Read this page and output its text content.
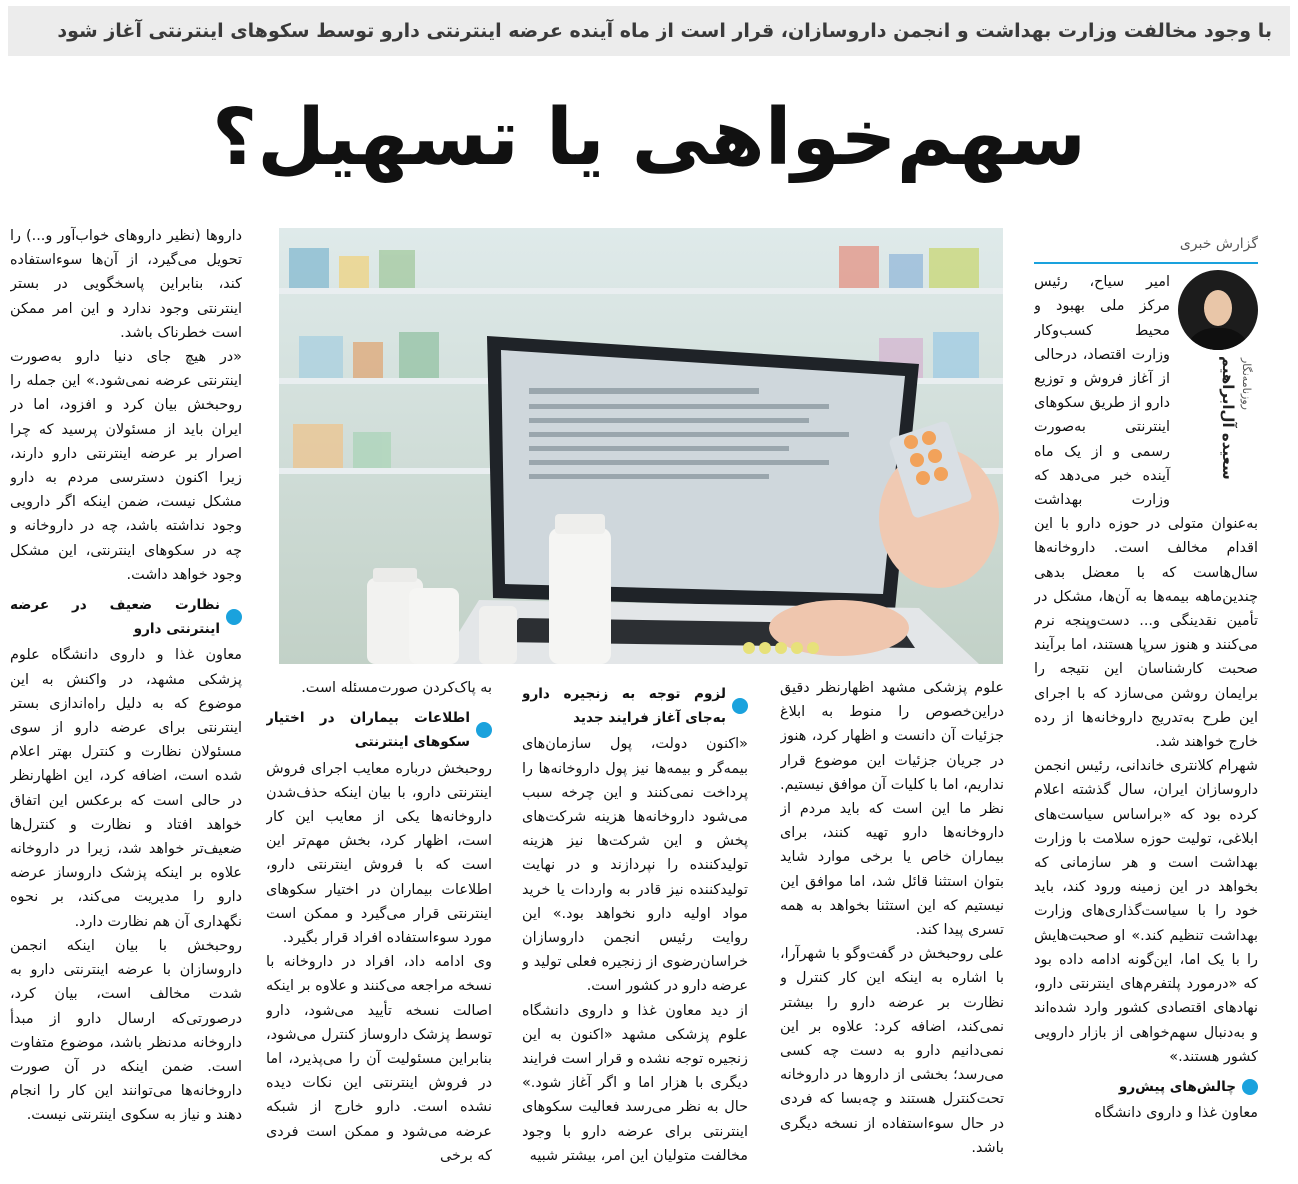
با وجود مخالفت وزارت بهداشت و انجمن داروسازان، قرار است از ماه آینده عرضه اینترنتی دارو توسط سکوهای اینترنتی آغاز شود
سهم‌خواهی یا تسهیل؟
گزارش خبری
سعیده آل‌ابراهیم روزنامه‌نگار

امیر سیاح، رئیس مرکز ملی بهبود و محیط کسب‌وکار وزارت اقتصاد، درحالی از آغاز فروش و توزیع دارو از طریق سکوهای اینترنتی به‌صورت رسمی و از یک ماه آینده خبر می‌دهد که وزارت بهداشت به‌عنوان متولی در حوزه دارو با این اقدام مخالف است. داروخانه‌ها سال‌هاست که با معضل بدهی چندین‌ماهه بیمه‌ها به آن‌ها، مشکل در تأمین نقدینگی و... دست‌وپنجه نرم می‌کنند و هنوز سرپا هستند، اما برآیند صحبت کارشناسان این نتیجه را برایمان روشن می‌سازد که با اجرای این طرح به‌تدریج داروخانه‌ها از رده خارج خواهند شد.

شهرام کلانتری خاندانی، رئیس انجمن داروسازان ایران، سال گذشته اعلام کرده بود که «براساس سیاست‌های ابلاغی، تولیت حوزه سلامت با وزارت بهداشت است و هر سازمانی که بخواهد در این زمینه ورود کند، باید خود را با سیاست‌گذاری‌های وزارت بهداشت تنظیم کند.» او صحبت‌هایش را با یک اما، این‌گونه ادامه داده بود که «درمورد پلتفرم‌های اینترنتی دارو، نهادهای اقتصادی کشور وارد شده‌اند و به‌دنبال سهم‌خواهی از بازار دارویی کشور هستند.»

چالش‌های پیش‌رو

معاون غذا و داروی دانشگاه

علوم پزشکی مشهد اظهارنظر دقیق دراین‌خصوص را منوط به ابلاغ جزئیات آن دانست و اظهار کرد، هنوز در جریان جزئیات این موضوع قرار نداریم، اما با کلیات آن موافق نیستیم. نظر ما این است که باید مردم از داروخانه‌ها دارو تهیه کنند، برای بیماران خاص یا برخی موارد شاید بتوان استثنا قائل شد، اما موافق این نیستیم که این استثنا بخواهد به همه تسری پیدا کند.

علی روحبخش در گفت‌وگو با شهرآرا، با اشاره به اینکه این کار کنترل و نظارت بر عرضه دارو را بیشتر نمی‌کند، اضافه کرد: علاوه بر این نمی‌دانیم دارو به دست چه کسی می‌رسد؛ بخشی از داروها در داروخانه تحت‌کنترل هستند و چه‌بسا که فردی در حال سوءاستفاده از نسخه دیگری باشد.

لزوم توجه به زنجیره دارو به‌جای آغاز فرایند جدید

«اکنون دولت، پول سازمان‌های بیمه‌گر و بیمه‌ها نیز پول داروخانه‌ها را پرداخت نمی‌کنند و این چرخه سبب می‌شود داروخانه‌ها هزینه شرکت‌های پخش و این شرکت‌ها نیز هزینه تولیدکننده را نپردازند و در نهایت تولیدکننده نیز قادر به واردات یا خرید مواد اولیه دارو نخواهد بود.» این روایت رئیس انجمن داروسازان خراسان‌رضوی از زنجیره فعلی تولید و عرضه دارو در کشور است.

از دید معاون غذا و داروی دانشگاه علوم پزشکی مشهد «اکنون به این زنجیره توجه نشده و قرار است فرایند دیگری با هزار اما و اگر آغاز شود.» حال به نظر می‌رسد فعالیت سکوهای اینترنتی برای عرضه دارو با وجود مخالفت متولیان این امر، بیشتر شبیه

به پاک‌کردن صورت‌مسئله است.

اطلاعات بیماران در اختیار سکوهای اینترنتی

روحبخش درباره معایب اجرای فروش اینترنتی دارو، با بیان اینکه حذف‌شدن داروخانه‌ها یکی از معایب این کار است، اظهار کرد، بخش مهم‌تر این است که با فروش اینترنتی دارو، اطلاعات بیماران در اختیار سکوهای اینترنتی قرار می‌گیرد و ممکن است مورد سوءاستفاده افراد قرار بگیرد.

وی ادامه داد، افراد در داروخانه با نسخه مراجعه می‌کنند و علاوه بر اینکه اصالت نسخه تأیید می‌شود، دارو توسط پزشک داروساز کنترل می‌شود، بنابراین مسئولیت آن را می‌پذیرد، اما در فروش اینترنتی این نکات دیده نشده است. دارو خارج از شبکه عرضه می‌شود و ممکن است فردی که برخی

داروها (نظیر داروهای خواب‌آور و...) را تحویل می‌گیرد، از آن‌ها سوءاستفاده کند، بنابراین پاسخگویی در بستر اینترنتی وجود ندارد و این امر ممکن است خطرناک باشد.

«در هیچ جای دنیا دارو به‌صورت اینترنتی عرضه نمی‌شود.» این جمله را روحبخش بیان کرد و افزود، اما در ایران باید از مسئولان پرسید که چرا اصرار بر عرضه اینترنتی دارو دارند، زیرا اکنون دسترسی مردم به دارو مشکل نیست، ضمن اینکه اگر دارویی وجود نداشته باشد، چه در داروخانه و چه در سکوهای اینترنتی، این مشکل وجود خواهد داشت.

نظارت ضعیف در عرضه اینترنتی دارو

معاون غذا و داروی دانشگاه علوم پزشکی مشهد، در واکنش به این موضوع که به دلیل راه‌اندازی بستر اینترنتی برای عرضه دارو از سوی مسئولان نظارت و کنترل بهتر اعلام شده است، اضافه کرد، این اظهارنظر در حالی است که برعکس این اتفاق خواهد افتاد و نظارت و کنترل‌ها ضعیف‌تر خواهد شد، زیرا در داروخانه علاوه بر اینکه پزشک داروساز عرضه دارو را مدیریت می‌کند، بر نحوه نگهداری آن هم نظارت دارد.

روحبخش با بیان اینکه انجمن داروسازان با عرضه اینترنتی دارو به شدت مخالف است، بیان کرد، درصورتی‌که ارسال دارو از مبدأ داروخانه مدنظر باشد، موضوع متفاوت است. ضمن اینکه در آن صورت داروخانه‌ها می‌توانند این کار را انجام دهند و نیاز به سکوی اینترنتی نیست.
